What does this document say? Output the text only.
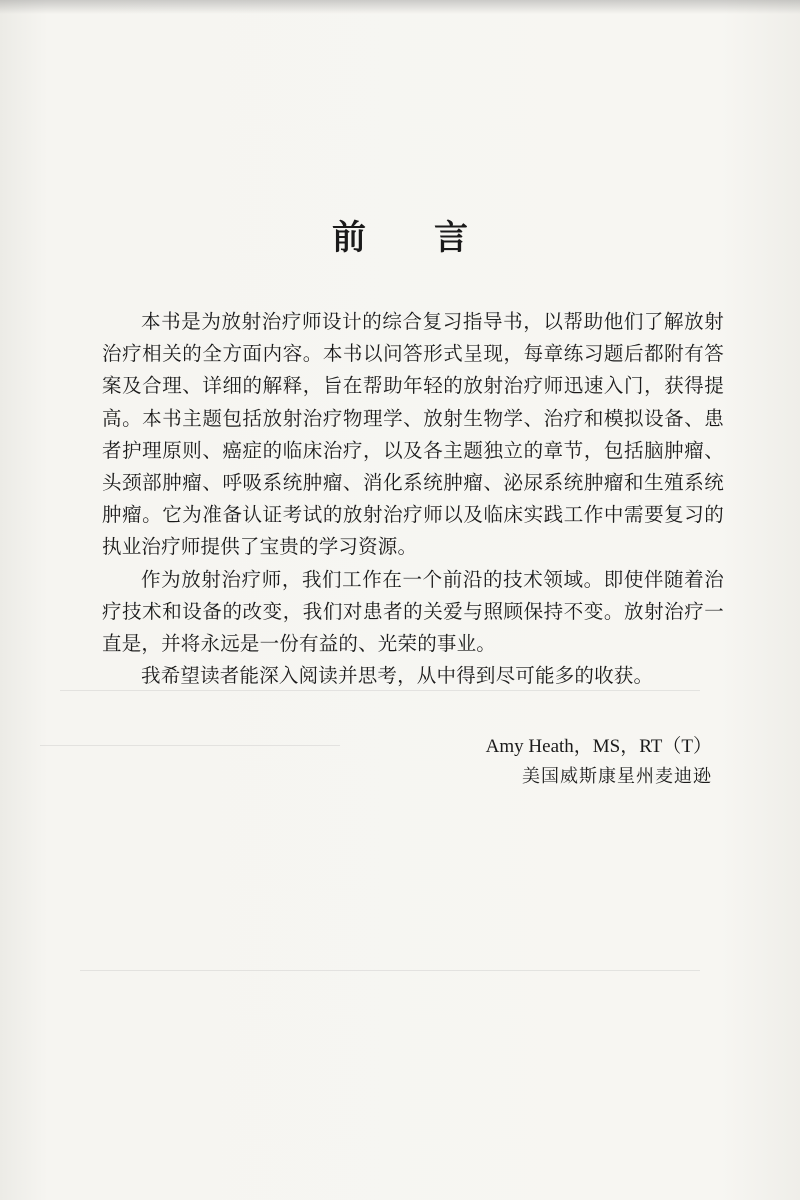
前 言

本书是为放射治疗师设计的综合复习指导书，以帮助他们了解放射治疗相关的全方面内容。本书以问答形式呈现，每章练习题后都附有答案及合理、详细的解释，旨在帮助年轻的放射治疗师迅速入门，获得提高。本书主题包括放射治疗物理学、放射生物学、治疗和模拟设备、患者护理原则、癌症的临床治疗，以及各主题独立的章节，包括脑肿瘤、头颈部肿瘤、呼吸系统肿瘤、消化系统肿瘤、泌尿系统肿瘤和生殖系统肿瘤。它为准备认证考试的放射治疗师以及临床实践工作中需要复习的执业治疗师提供了宝贵的学习资源。

作为放射治疗师，我们工作在一个前沿的技术领域。即使伴随着治疗技术和设备的改变，我们对患者的关爱与照顾保持不变。放射治疗一直是，并将永远是一份有益的、光荣的事业。

我希望读者能深入阅读并思考，从中得到尽可能多的收获。

Amy Heath，MS，RT（T）
美国威斯康星州麦迪逊
